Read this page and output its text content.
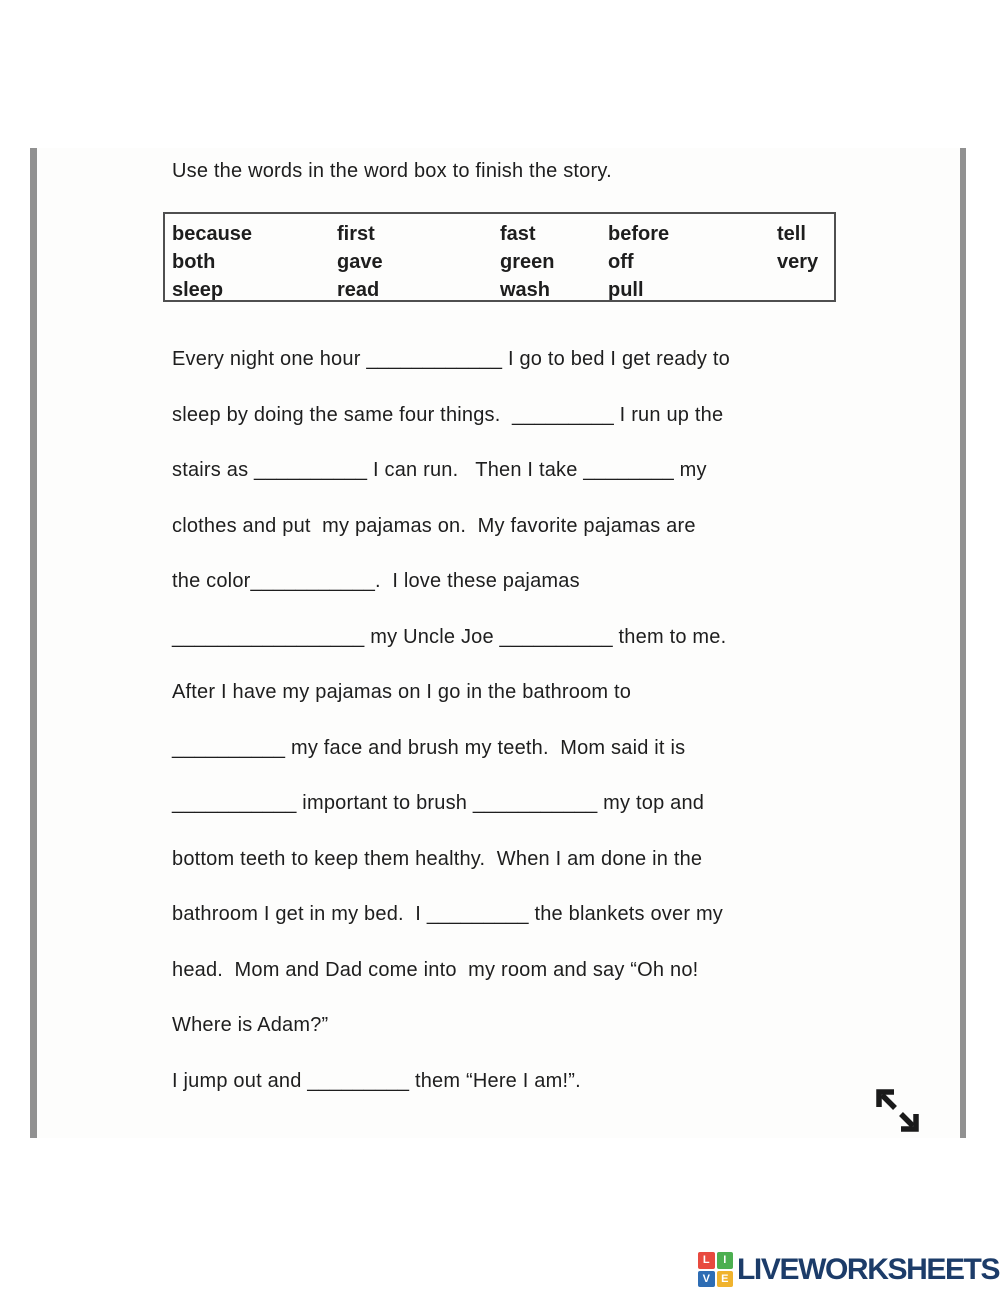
Use the words in the word box to finish the story.
because
both
sleep
first
gave
read
fast
green
wash
before
off
pull
tell
very
Every night one hour ____________ I go to bed I get ready to
sleep by doing the same four things.  _________ I run up the
stairs as __________ I can run.   Then I take ________ my
clothes and put  my pajamas on.  My favorite pajamas are
the color___________.  I love these pajamas
_________________ my Uncle Joe __________ them to me.
After I have my pajamas on I go in the bathroom to
__________ my face and brush my teeth.  Mom said it is
___________ important to brush ___________ my top and
bottom teeth to keep them healthy.  When I am done in the
bathroom I get in my bed.  I _________ the blankets over my
head.  Mom and Dad come into  my room and say “Oh no!
Where is Adam?”
I jump out and _________ them “Here I am!”.
L	I
V	E LIVEWORKSHEETS
